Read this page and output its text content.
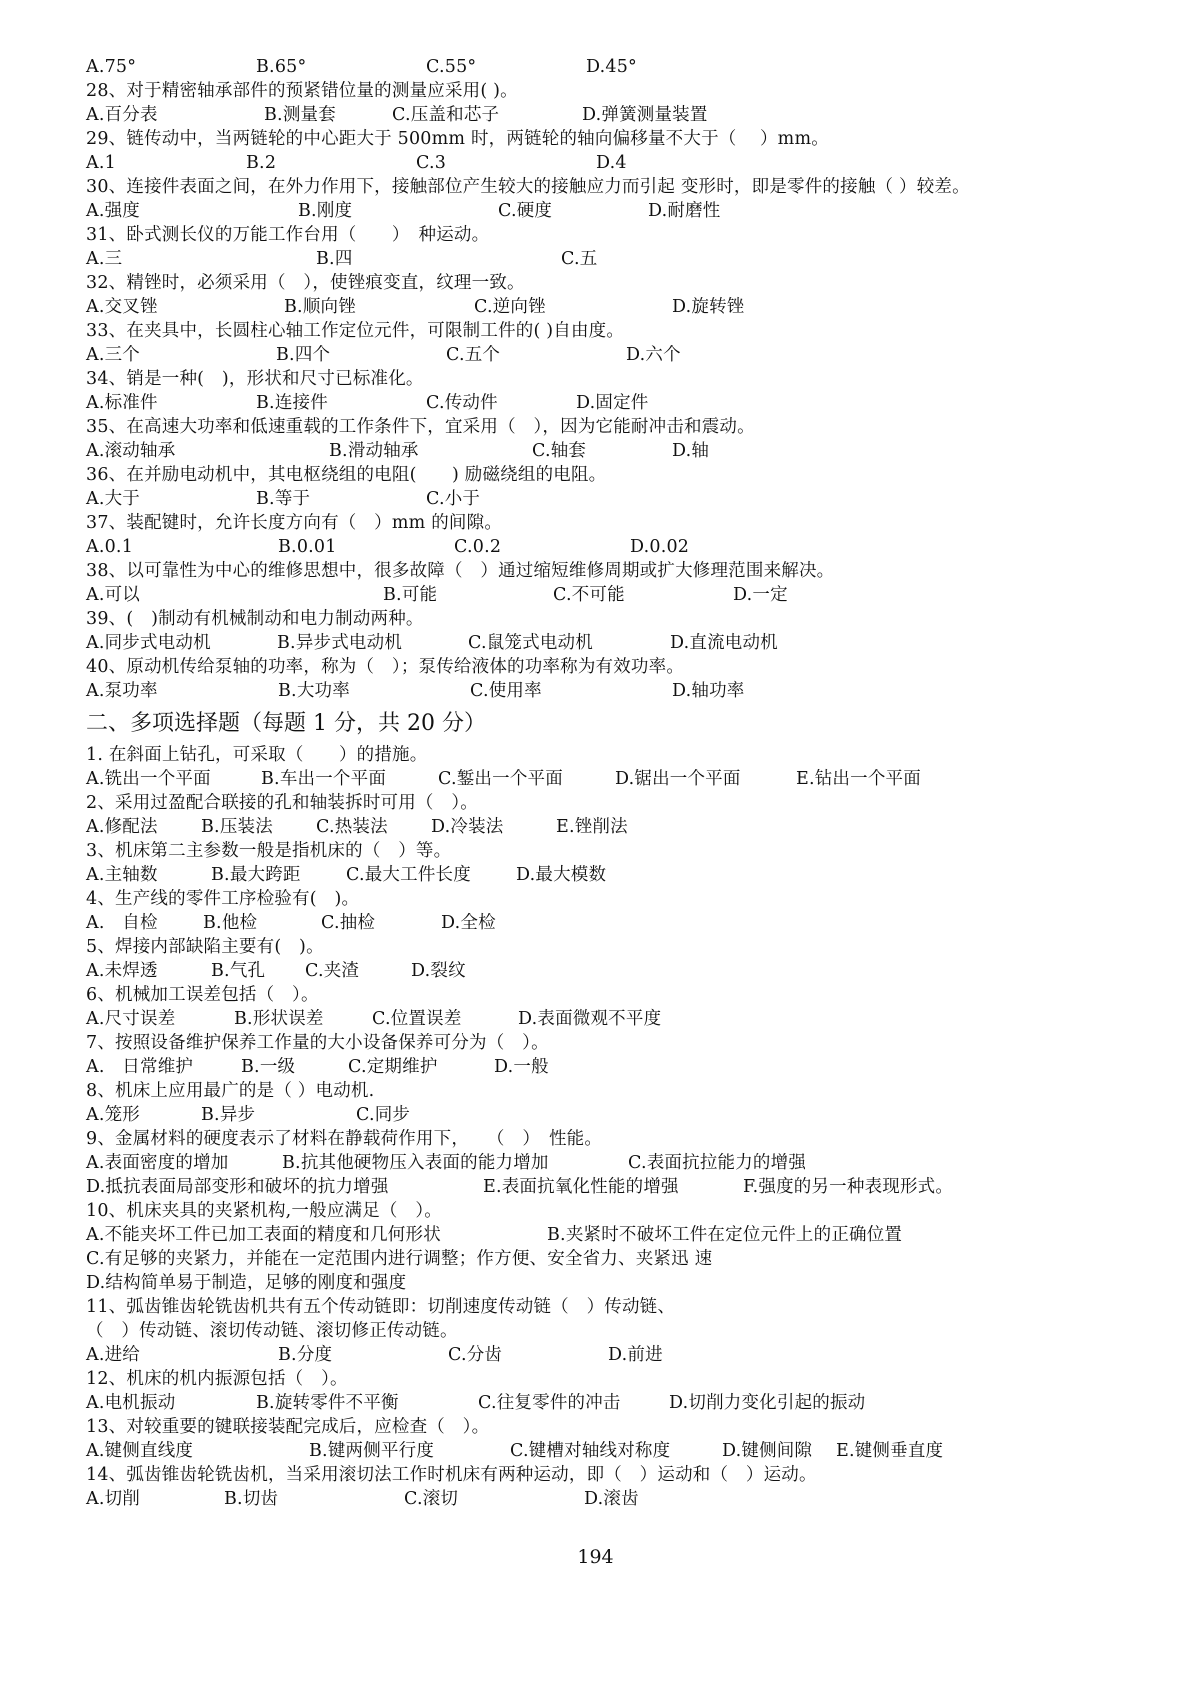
A.75°	B.65°	C.55°	D.45°
28、对于精密轴承部件的预紧错位量的测量应采用( )。
A.百分表	B.测量套	C.压盖和芯子	D.弹簧测量装置
29、链传动中，当两链轮的中心距大于 500mm 时，两链轮的轴向偏移量不大于（　 ）mm。
A.1	B.2	C.3	D.4
30、连接件表面之间，在外力作用下，接触部位产生较大的接触应力而引起 变形时，即是零件的接触（ ）较差。
A.强度	B.刚度	C.硬度	D.耐磨性
31、卧式测长仪的万能工作台用（　　）　种运动。
A.三	B.四	C.五
32、精锉时，必须采用（　），使锉痕变直，纹理一致。
A.交叉锉	B.顺向锉	C.逆向锉	D.旋转锉
33、在夹具中，长圆柱心轴工作定位元件，可限制工件的( )自由度。
A.三个	B.四个	C.五个	D.六个
34、销是一种(　)，形状和尺寸已标准化。
A.标准件	B.连接件	C.传动件	D.固定件
35、在高速大功率和低速重载的工作条件下，宜采用（　），因为它能耐冲击和震动。
A.滚动轴承	B.滑动轴承	C.轴套	D.轴
36、在并励电动机中，其电枢绕组的电阻(　　) 励磁绕组的电阻。
A.大于	B.等于	C.小于
37、装配键时，允许长度方向有（　）mm 的间隙。
A.0.1	B.0.01	C.0.2	D.0.02
38、以可靠性为中心的维修思想中，很多故障（　）通过缩短维修周期或扩大修理范围来解决。
A.可以	B.可能	C.不可能	D.一定
39、(　)制动有机械制动和电力制动两种。
A.同步式电动机	B.异步式电动机	C.鼠笼式电动机	D.直流电动机
40、原动机传给泵轴的功率，称为（　）；泵传给液体的功率称为有效功率。
A.泵功率	B.大功率	C.使用率	D.轴功率
二、多项选择题（每题 1 分，共 20 分）
1. 在斜面上钻孔，可采取（　　）的措施。
A.铣出一个平面	B.车出一个平面	C.錾出一个平面	D.锯出一个平面	E.钻出一个平面
2、采用过盈配合联接的孔和轴装拆时可用（　）。
A.修配法	B.压装法	C.热装法	D.冷装法	E.锉削法
3、机床第二主参数一般是指机床的（　）等。
A.主轴数	B.最大跨距	C.最大工件长度	D.最大模数
4、生产线的零件工序检验有(　)。
A.　自检	B.他检	C.抽检	D.全检
5、焊接内部缺陷主要有(　)。
A.未焊透	B.气孔	C.夹渣	D.裂纹
6、机械加工误差包括（　）。
A.尺寸误差	B.形状误差	C.位置误差	D.表面微观不平度
7、按照设备维护保养工作量的大小设备保养可分为（　）。
A.　日常维护	B.一级	C.定期维护	D.一般
8、机床上应用最广的是（ ）电动机.
A.笼形	B.异步	C.同步
9、金属材料的硬度表示了材料在静载荷作用下，　　（　）　性能。
A.表面密度的增加	B.抗其他硬物压入表面的能力增加	C.表面抗拉能力的增强
D.抵抗表面局部变形和破坏的抗力增强	E.表面抗氧化性能的增强	F.强度的另一种表现形式。
10、机床夹具的夹紧机构,一般应满足（　）。
A.不能夹坏工件已加工表面的精度和几何形状	B.夹紧时不破坏工件在定位元件上的正确位置
C.有足够的夹紧力，并能在一定范围内进行调整；作方便、安全省力、夹紧迅 速
D.结构简单易于制造，足够的刚度和强度
11、弧齿锥齿轮铣齿机共有五个传动链即：切削速度传动链（　）传动链、
（　）传动链、滚切传动链、滚切修正传动链。
A.进给	B.分度	C.分齿	D.前进
12、机床的机内振源包括（　）。
A.电机振动	B.旋转零件不平衡	C.往复零件的冲击	D.切削力变化引起的振动
13、对较重要的键联接装配完成后，应检查（　）。
A.键侧直线度	B.键两侧平行度	C.键槽对轴线对称度	D.键侧间隙	E.键侧垂直度
14、弧齿锥齿轮铣齿机，当采用滚切法工作时机床有两种运动，即（　）运动和（　）运动。
A.切削	B.切齿	C.滚切	D.滚齿
194
